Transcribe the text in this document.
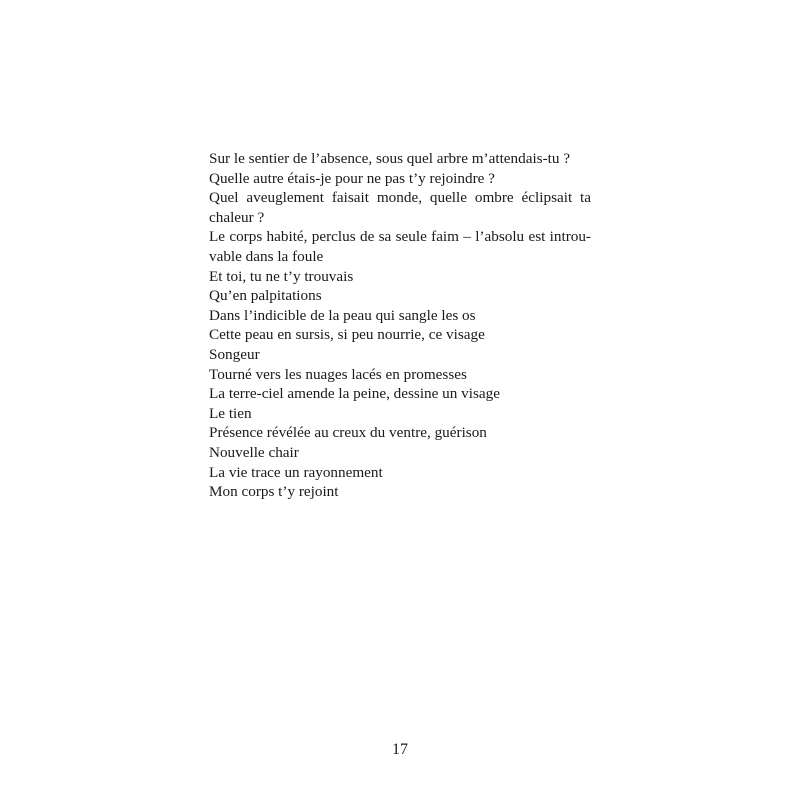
Sur le sentier de l’absence, sous quel arbre m’attendais-tu ?
Quelle autre étais-je pour ne pas t’y rejoindre ?
Quel aveuglement faisait monde, quelle ombre éclipsait ta chaleur ?
Le corps habité, perclus de sa seule faim – l’absolu est introu-vable dans la foule
Et toi, tu ne t’y trouvais
Qu’en palpitations
Dans l’indicible de la peau qui sangle les os
Cette peau en sursis, si peu nourrie, ce visage
Songeur
Tourné vers les nuages lacés en promesses
La terre-ciel amende la peine, dessine un visage
Le tien
Présence révélée au creux du ventre, guérison
Nouvelle chair
La vie trace un rayonnement
Mon corps t’y rejoint
17
